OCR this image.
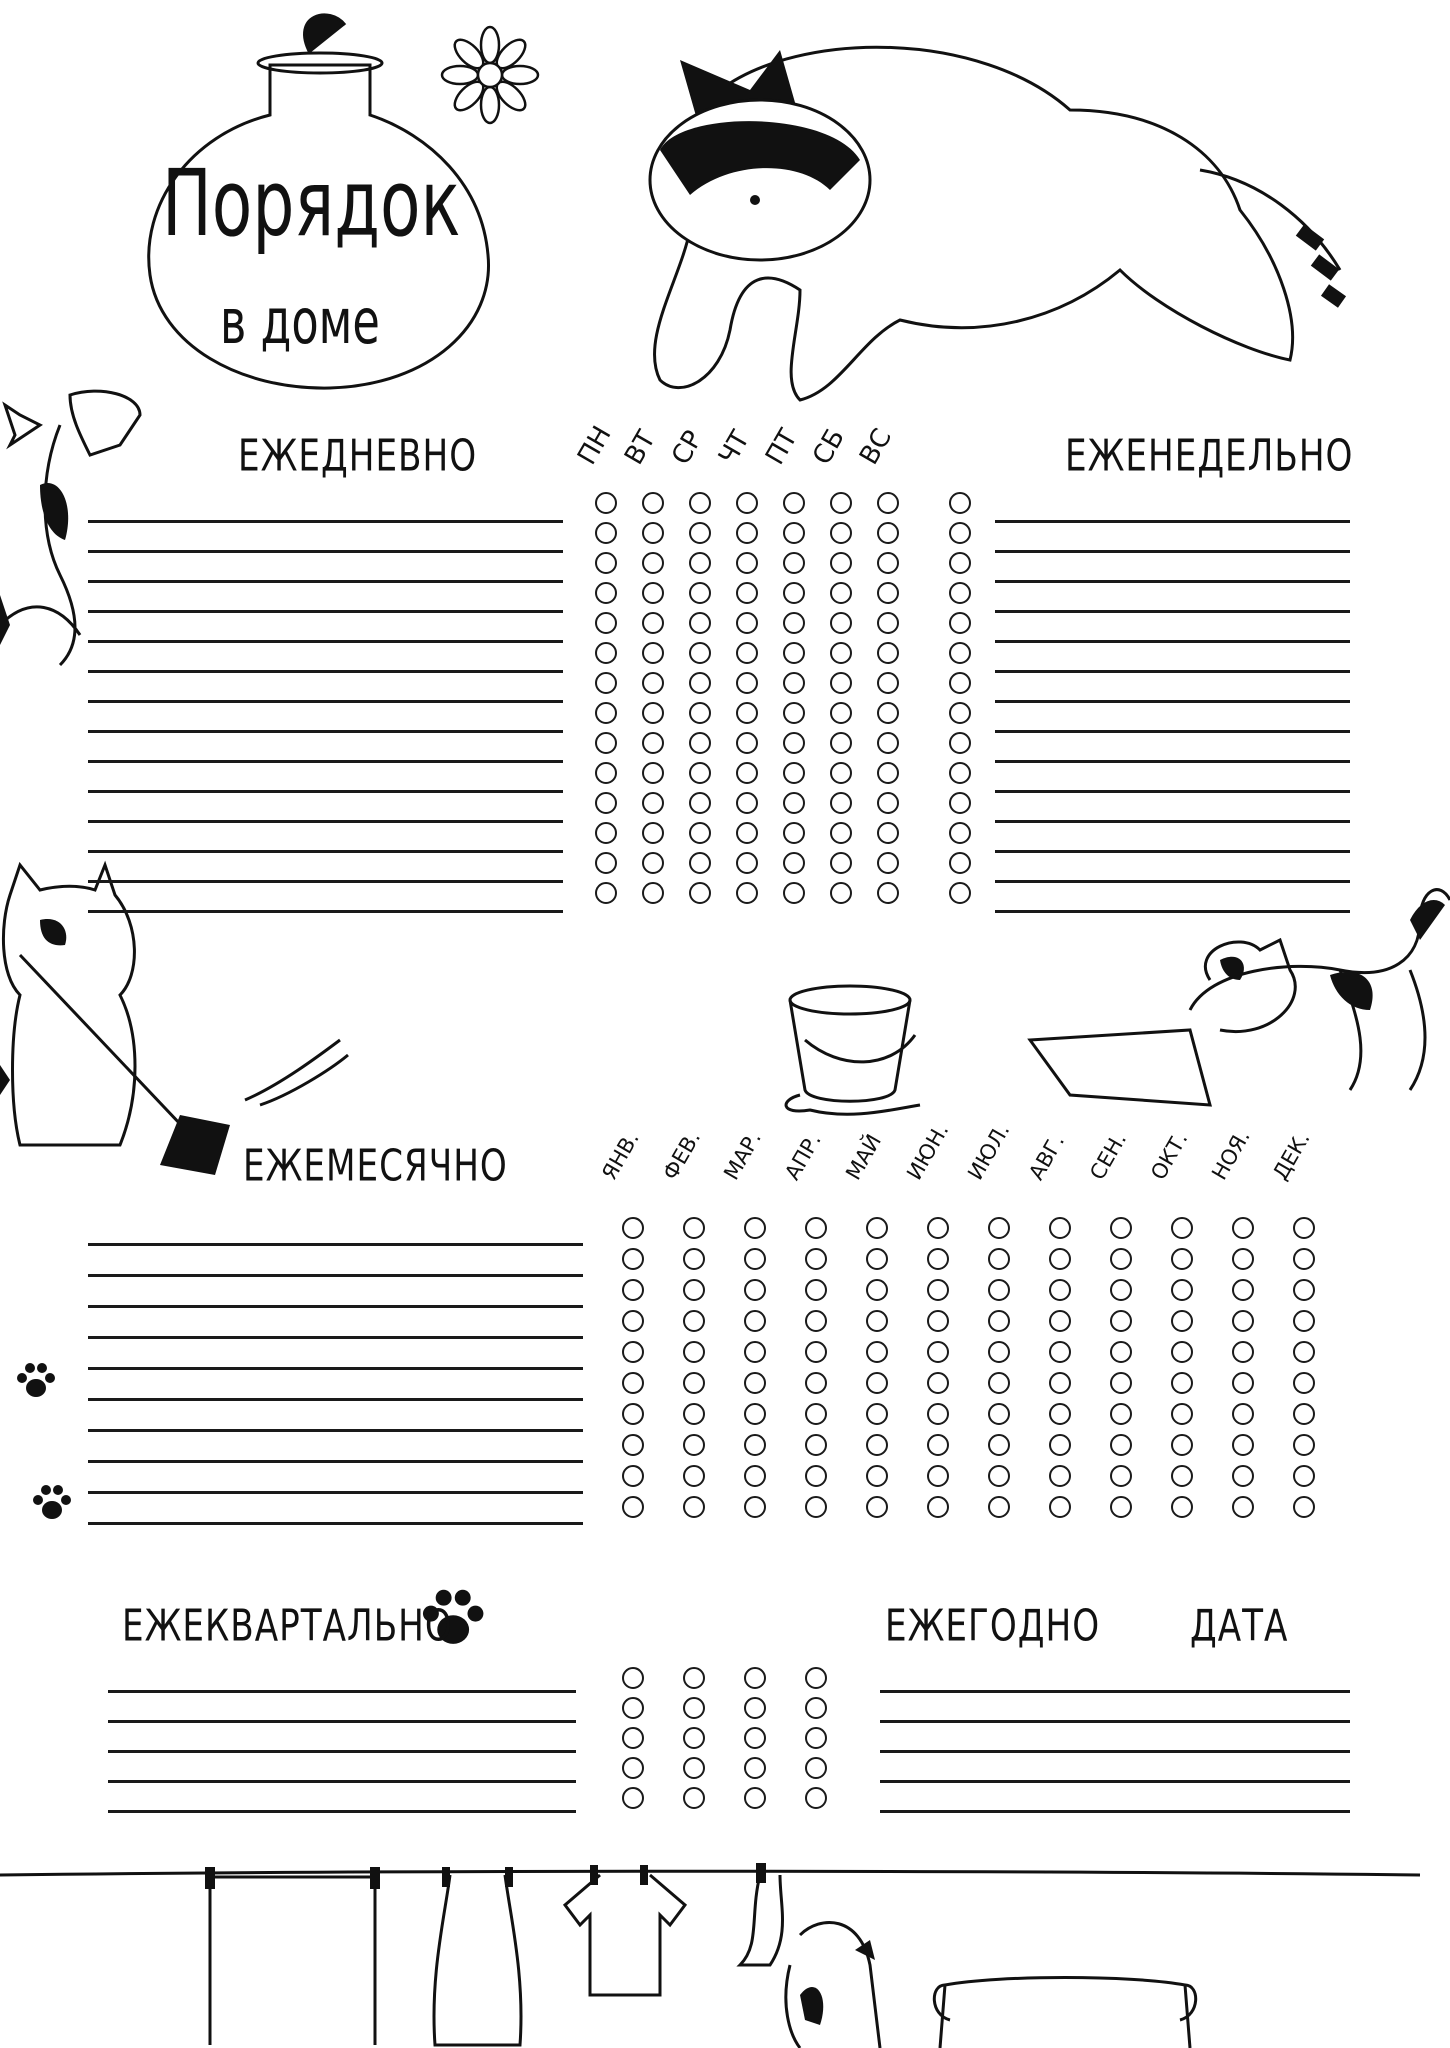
Порядок
в доме
ЕЖЕДНЕВНО	ЕЖЕНЕДЕЛЬНО
ЕЖЕМЕСЯЧНО
ЕЖЕКВАРТАЛЬНО	ЕЖЕГОДНО ДАТА
ПН ВТ СР ЧТ ПТ СБ ВС
ЯНВ. ФЕВ. МАР. АПР. МАЙ ИЮН. ИЮЛ. АВГ. СЕН. ОКТ. НОЯ. ДЕК.
